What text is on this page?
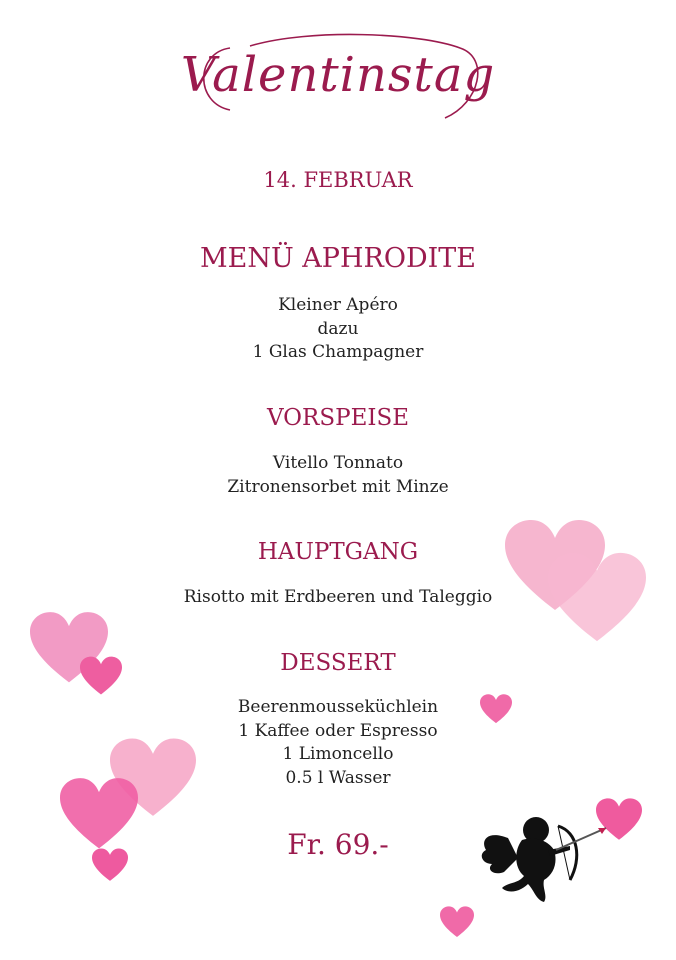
Valentinstag
14. FEBRUAR
MENÜ APHRODITE
Kleiner Apéro
dazu
1 Glas Champagner
VORSPEISE
Vitello Tonnato
Zitronensorbet mit Minze
HAUPTGANG
Risotto mit Erdbeeren und Taleggio
DESSERT
Beerenmousseküchlein
1 Kaffee oder Espresso
1 Limoncello
0.5 l Wasser
Fr. 69.-
